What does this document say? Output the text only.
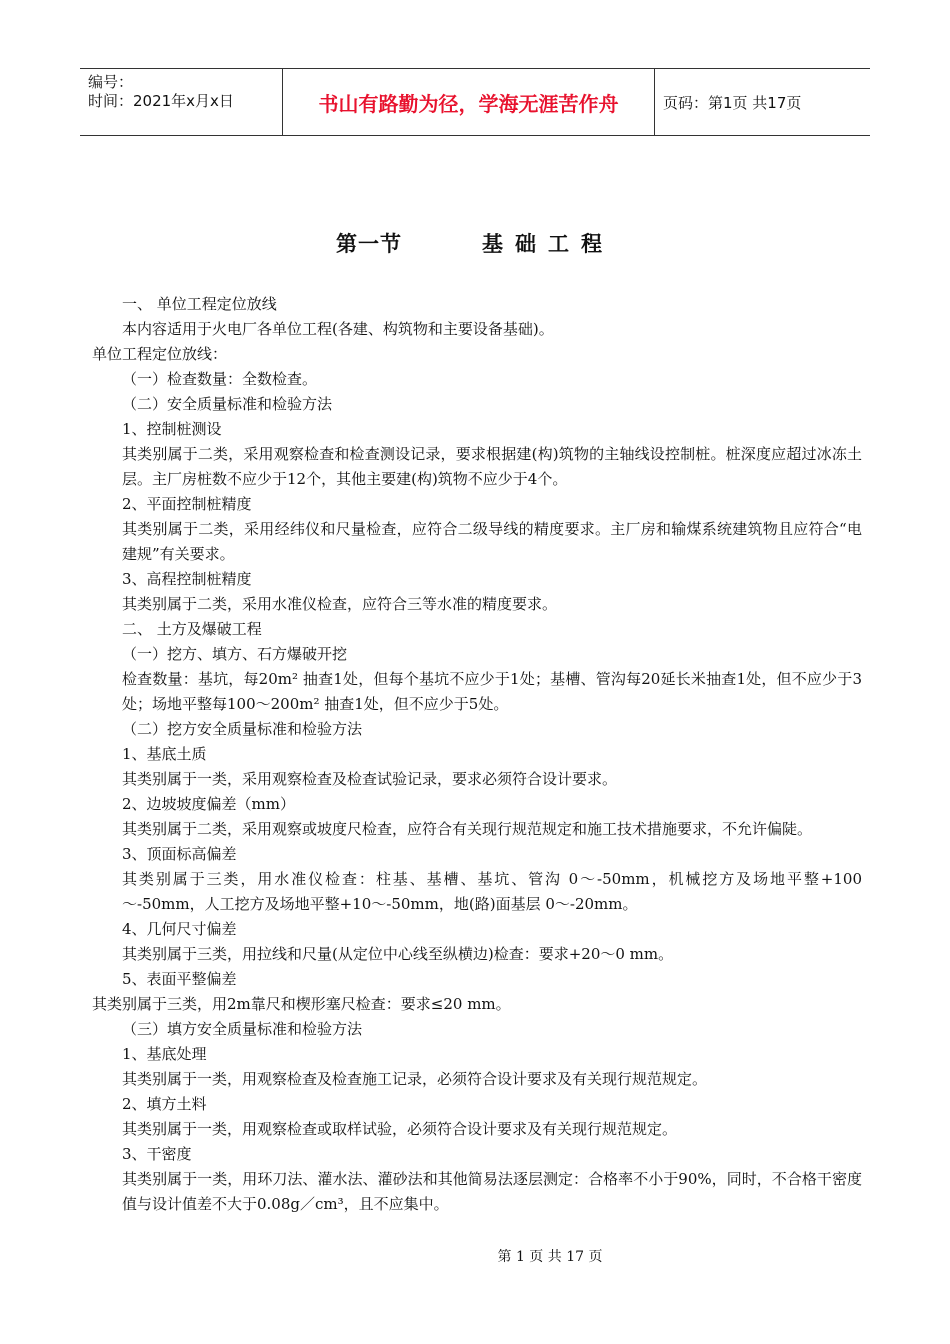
编号：
时间：2021年x月x日	书山有路勤为径，学海无涯苦作舟	页码：第1页 共17页
第一节	基础工程
一、 单位工程定位放线
本内容适用于火电厂各单位工程(各建、构筑物和主要设备基础)。
单位工程定位放线：
（一）检查数量：全数检查。
（二）安全质量标准和检验方法
1、控制桩测设
其类别属于二类，采用观察检查和检查测设记录，要求根据建(构)筑物的主轴线设控制桩。桩深度应超过冰冻土层。主厂房桩数不应少于12个，其他主要建(构)筑物不应少于4个。
2、平面控制桩精度
其类别属于二类，采用经纬仪和尺量检查，应符合二级导线的精度要求。主厂房和输煤系统建筑物且应符合“电建规”有关要求。
3、高程控制桩精度
其类别属于二类，采用水准仪检查，应符合三等水准的精度要求。
二、 土方及爆破工程
（一）挖方、填方、石方爆破开挖
检查数量：基坑，每20m² 抽查1处，但每个基坑不应少于1处；基槽、管沟每20延长米抽查1处，但不应少于3处；场地平整每100～200m² 抽查1处，但不应少于5处。
（二）挖方安全质量标准和检验方法
1、基底土质
其类别属于一类，采用观察检查及检查试验记录，要求必须符合设计要求。
2、边坡坡度偏差（mm）
其类别属于二类，采用观察或坡度尺检查，应符合有关现行规范规定和施工技术措施要求，不允许偏陡。
3、顶面标高偏差
其类别属于三类，用水准仪检查：柱基、基槽、基坑、管沟 0～-50mm，机械挖方及场地平整+100～-50mm，人工挖方及场地平整+10～-50mm，地(路)面基层 0～-20mm。
4、几何尺寸偏差
其类别属于三类，用拉线和尺量(从定位中心线至纵横边)检查：要求+20～0 mm。
5、表面平整偏差
其类别属于三类，用2m靠尺和楔形塞尺检查：要求≤20 mm。
（三）填方安全质量标准和检验方法
1、基底处理
其类别属于一类，用观察检查及检查施工记录，必须符合设计要求及有关现行规范规定。
2、填方土料
其类别属于一类，用观察检查或取样试验，必须符合设计要求及有关现行规范规定。
3、干密度
其类别属于一类，用环刀法、灌水法、灌砂法和其他简易法逐层测定：合格率不小于90%，同时，不合格干密度值与设计值差不大于0.08g／cm³，且不应集中。
第 1 页 共 17 页
